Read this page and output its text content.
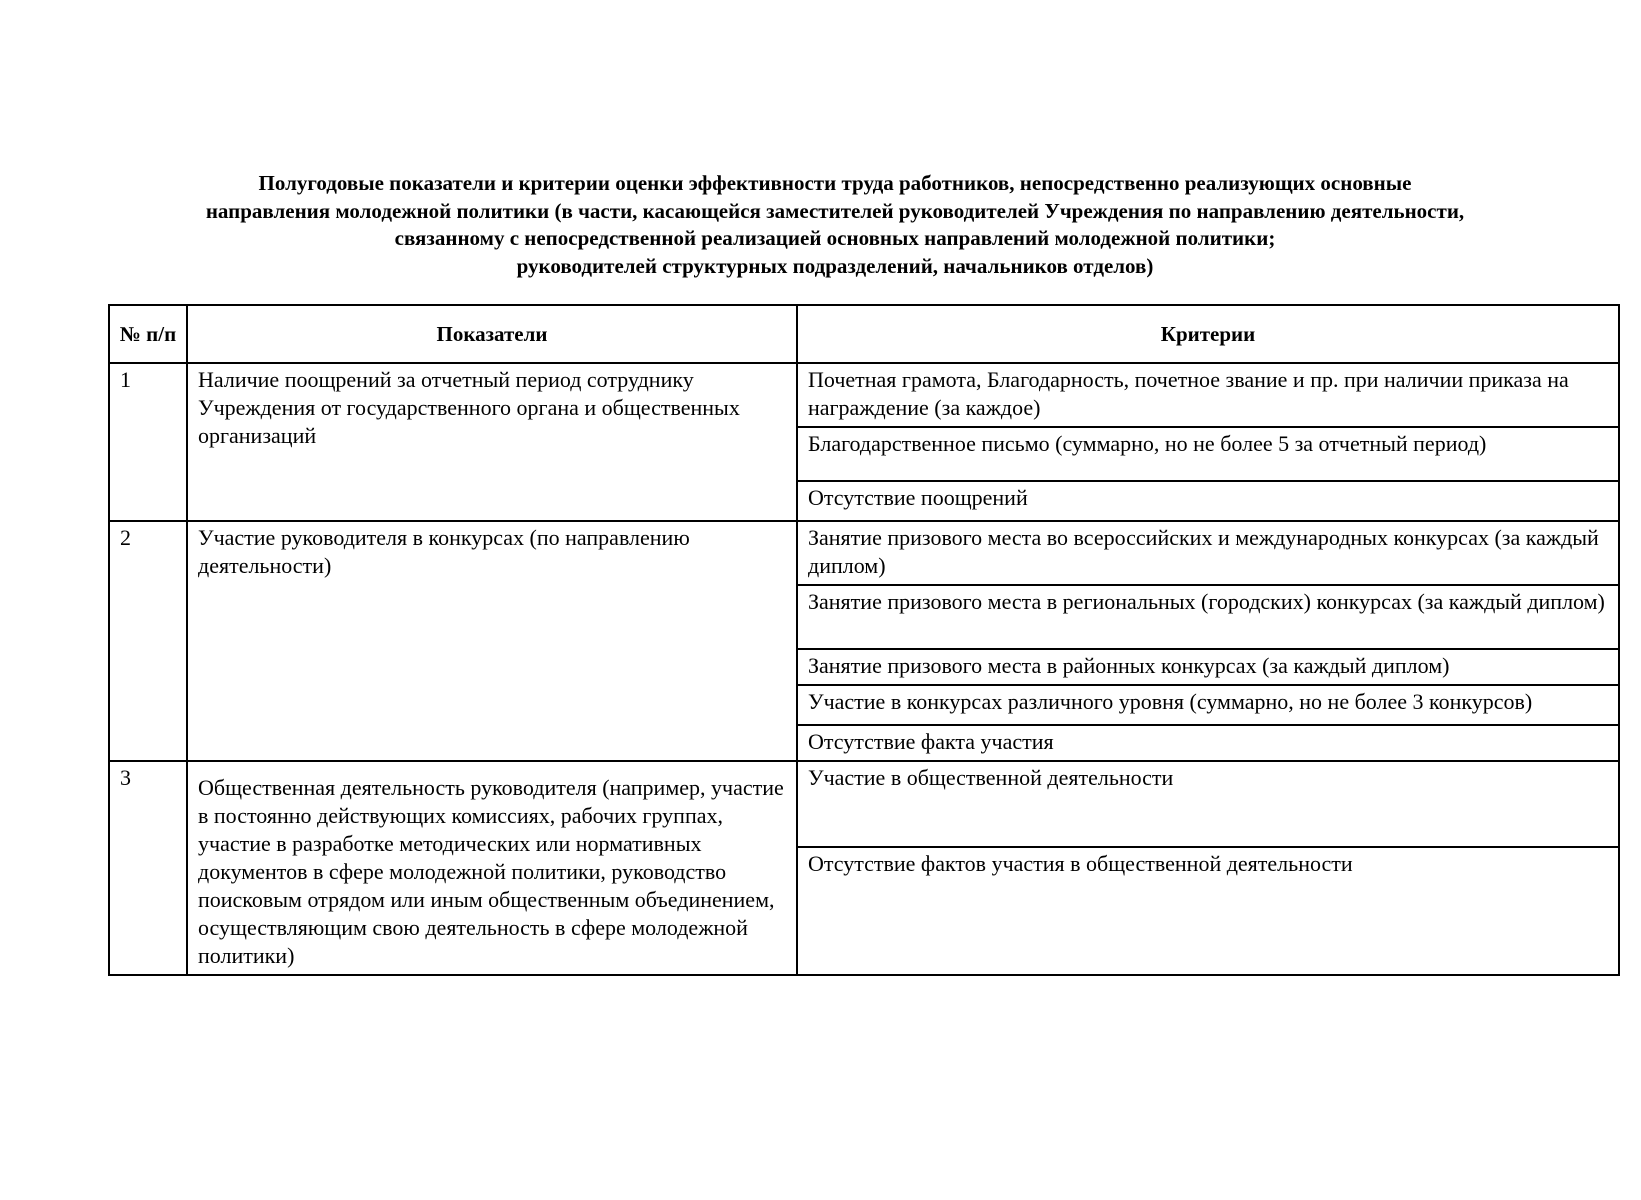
Полугодовые показатели и критерии оценки эффективности труда работников, непосредственно реализующих основные
направления молодежной политики (в части, касающейся заместителей руководителей Учреждения по направлению деятельности,
связанному с непосредственной реализацией основных направлений молодежной политики;
руководителей структурных подразделений, начальников отделов)
№ п/п	Показатели	Критерии
1	Наличие поощрений за отчетный период сотруднику Учреждения от государственного органа и общественных организаций	Почетная грамота, Благодарность, почетное звание и пр. при наличии приказа на награждение (за каждое)
		Благодарственное письмо (суммарно, но не более 5 за отчетный период)
		Отсутствие поощрений
2	Участие руководителя в конкурсах (по направлению деятельности)	Занятие призового места во всероссийских и международных конкурсах (за каждый диплом)
		Занятие призового места в региональных (городских) конкурсах (за каждый диплом)
		Занятие призового места в районных конкурсах (за каждый диплом)
		Участие в конкурсах различного уровня (суммарно, но не более 3 конкурсов)
		Отсутствие факта участия
3	Общественная деятельность руководителя (например, участие в постоянно действующих комиссиях, рабочих группах, участие в разработке методических или нормативных документов в сфере молодежной политики, руководство поисковым отрядом или иным общественным объединением, осуществляющим свою деятельность в сфере молодежной политики)	Участие в общественной деятельности
		Отсутствие фактов участия в общественной деятельности
